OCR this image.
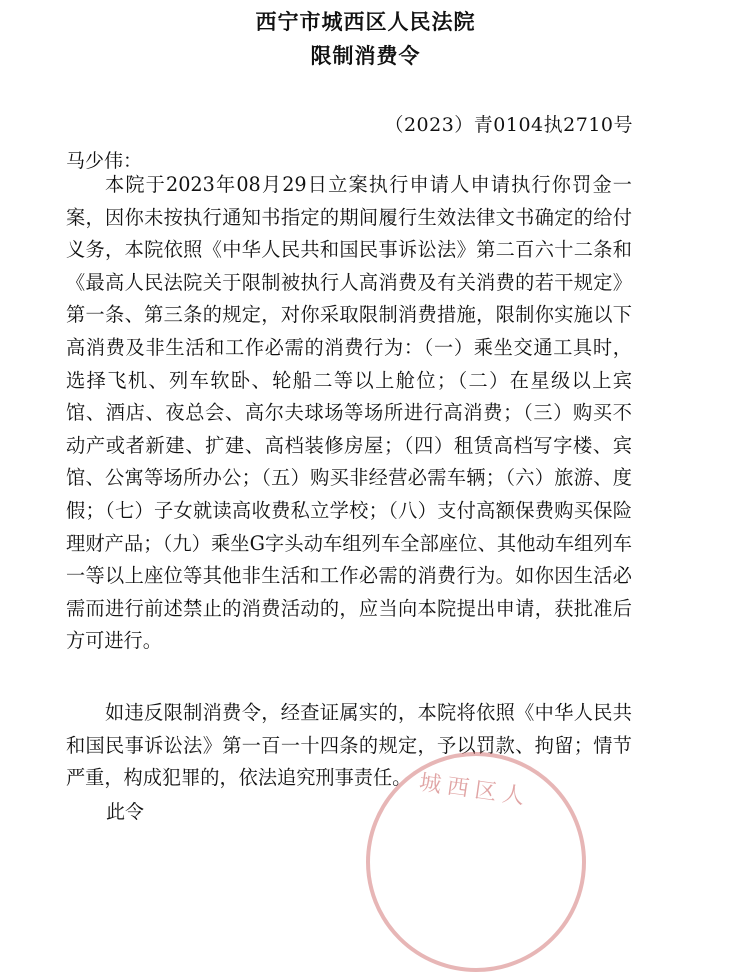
西宁市城西区人民法院
限制消费令
（2023）青0104执2710号
马少伟：

本院于2023年08月29日立案执行申请人申请执行你罚金一案，因你未按执行通知书指定的期间履行生效法律文书确定的给付义务，本院依照《中华人民共和国民事诉讼法》第二百六十二条和《最高人民法院关于限制被执行人高消费及有关消费的若干规定》第一条、第三条的规定，对你采取限制消费措施，限制你实施以下高消费及非生活和工作必需的消费行为：（一）乘坐交通工具时，选择飞机、列车软卧、轮船二等以上舱位；（二）在星级以上宾馆、酒店、夜总会、高尔夫球场等场所进行高消费；（三）购买不动产或者新建、扩建、高档装修房屋；（四）租赁高档写字楼、宾馆、公寓等场所办公；（五）购买非经营必需车辆；（六）旅游、度假；（七）子女就读高收费私立学校；（八）支付高额保费购买保险理财产品；（九）乘坐G字头动车组列车全部座位、其他动车组列车一等以上座位等其他非生活和工作必需的消费行为。如你因生活必需而进行前述禁止的消费活动的，应当向本院提出申请，获批准后方可进行。

如违反限制消费令，经查证属实的，本院将依照《中华人民共和国民事诉讼法》第一百一十四条的规定，予以罚款、拘留；情节严重，构成犯罪的，依法追究刑事责任。

此令
城西区人
